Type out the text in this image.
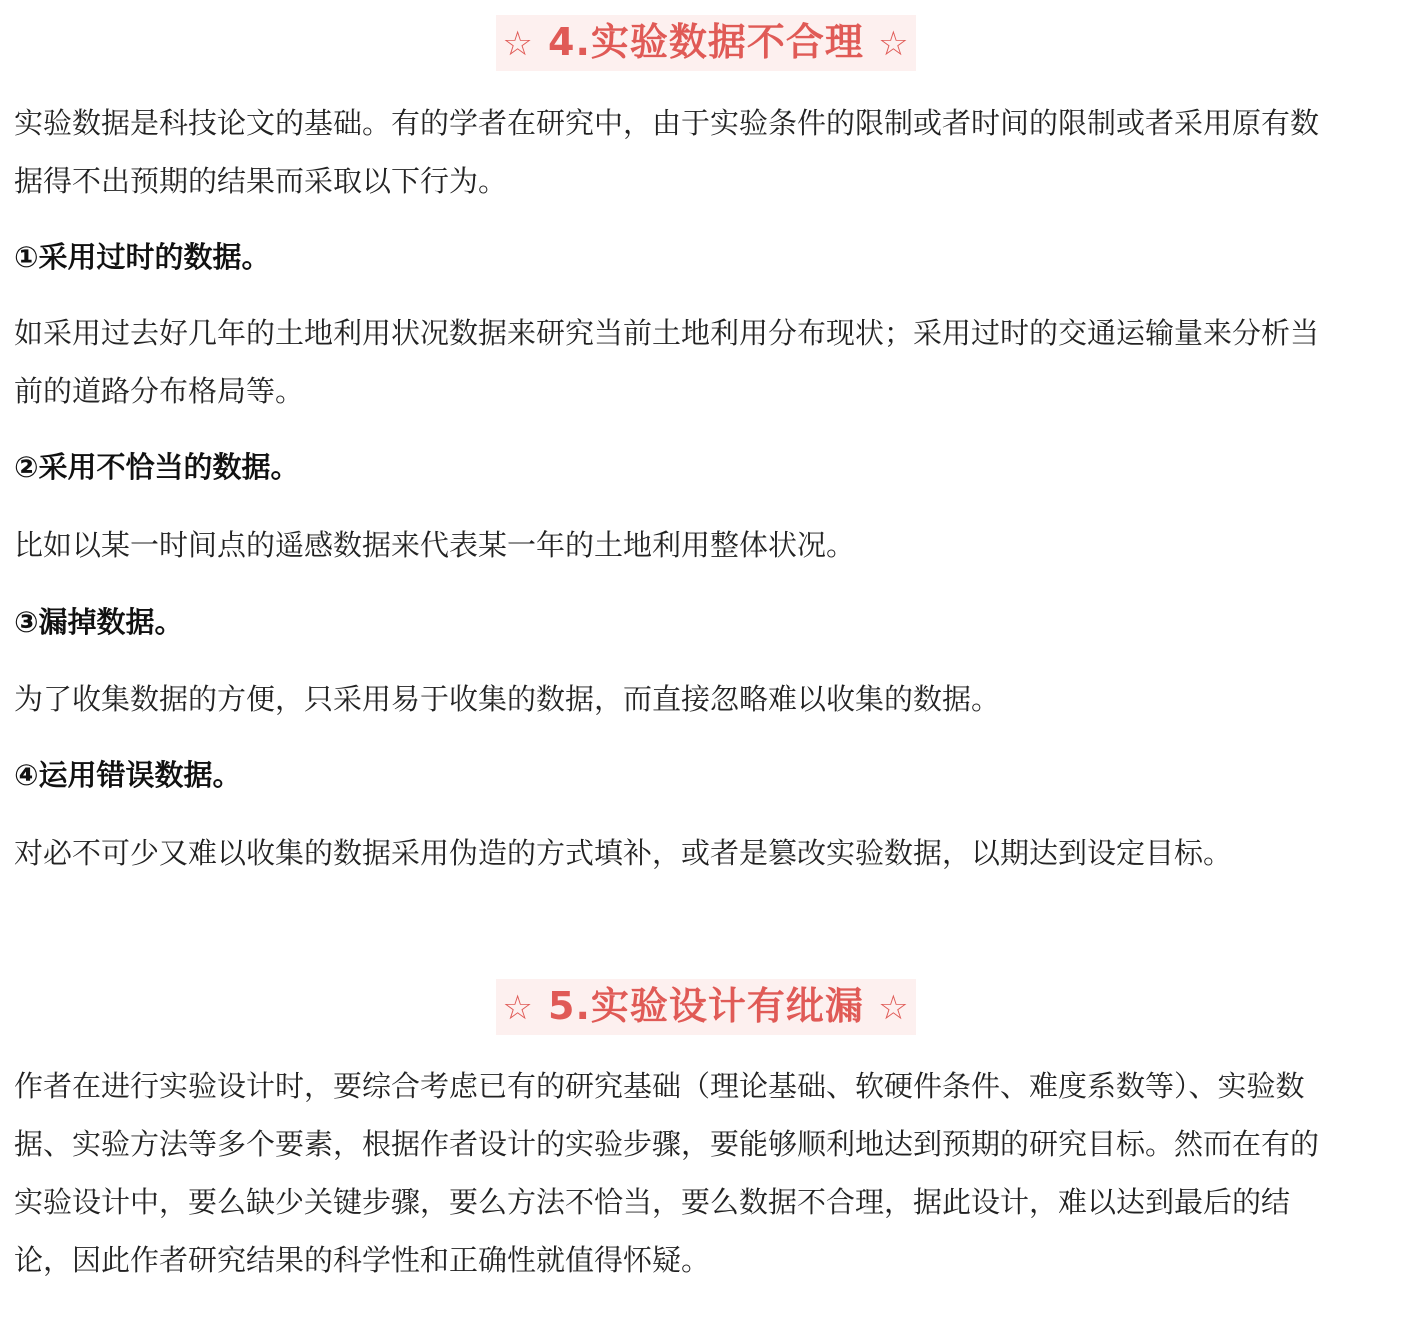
☆ 4.实验数据不合理 ☆

实验数据是科技论文的基础。有的学者在研究中，由于实验条件的限制或者时间的限制或者采用原有数据得不出预期的结果而采取以下行为。

①采用过时的数据。

如采用过去好几年的土地利用状况数据来研究当前土地利用分布现状；采用过时的交通运输量来分析当前的道路分布格局等。

②采用不恰当的数据。

比如以某一时间点的遥感数据来代表某一年的土地利用整体状况。

③漏掉数据。

为了收集数据的方便，只采用易于收集的数据，而直接忽略难以收集的数据。

④运用错误数据。

对必不可少又难以收集的数据采用伪造的方式填补，或者是篡改实验数据，以期达到设定目标。

☆ 5.实验设计有纰漏 ☆

作者在进行实验设计时，要综合考虑已有的研究基础（理论基础、软硬件条件、难度系数等）、实验数据、实验方法等多个要素，根据作者设计的实验步骤，要能够顺利地达到预期的研究目标。然而在有的实验设计中，要么缺少关键步骤，要么方法不恰当，要么数据不合理，据此设计，难以达到最后的结论，因此作者研究结果的科学性和正确性就值得怀疑。
